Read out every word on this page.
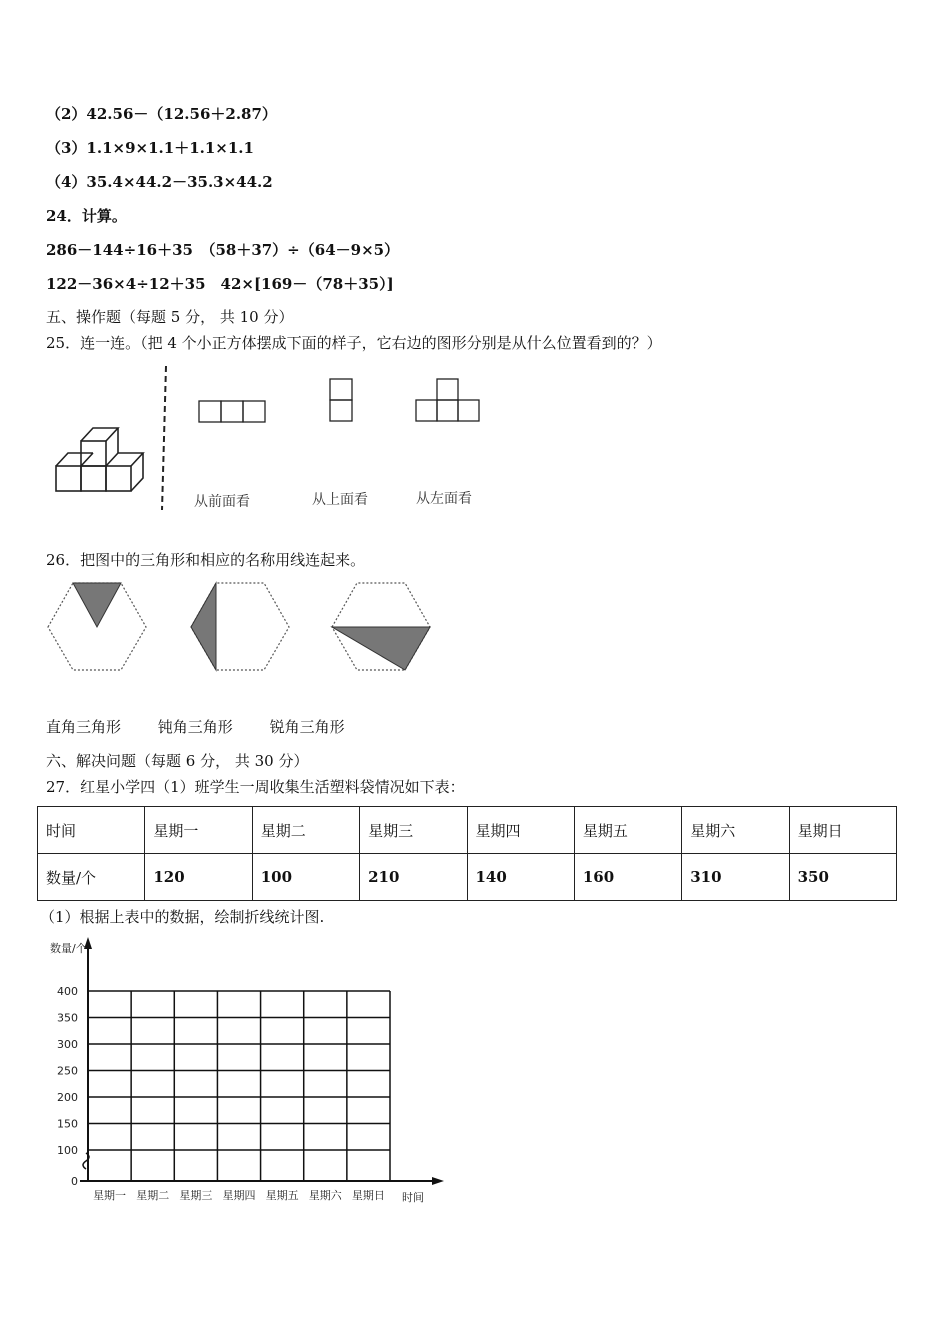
（2）42.56－（12.56＋2.87）
（3）1.1×9×1.1＋1.1×1.1
（4）35.4×44.2－35.3×44.2
24．计算。
286－144÷16＋35　（58＋37）÷（64－9×5）
122－36×4÷12＋35　42×[169－（78＋35）]
五、操作题（每题 5 分， 共 10 分）
25．连一连。（把 4 个小正方体摆成下面的样子，它右边的图形分别是从什么位置看到的？）
从前面看	从上面看	从左面看
26．把图中的三角形和相应的名称用线连起来。
直角三角形 钝角三角形 锐角三角形
六、解决问题（每题 6 分， 共 30 分）
27．红星小学四（1）班学生一周收集生活塑料袋情况如下表：
时间	星期一	星期二	星期三	星期四	星期五	星期六	星期日
数量/个	120	100	210	140	160	310	350
（1）根据上表中的数据，绘制折线统计图.
400
350
300
250
200
150
100
0
星期一 星期二 星期三 星期四 星期五 星期六 星期日
数量/个
时间
